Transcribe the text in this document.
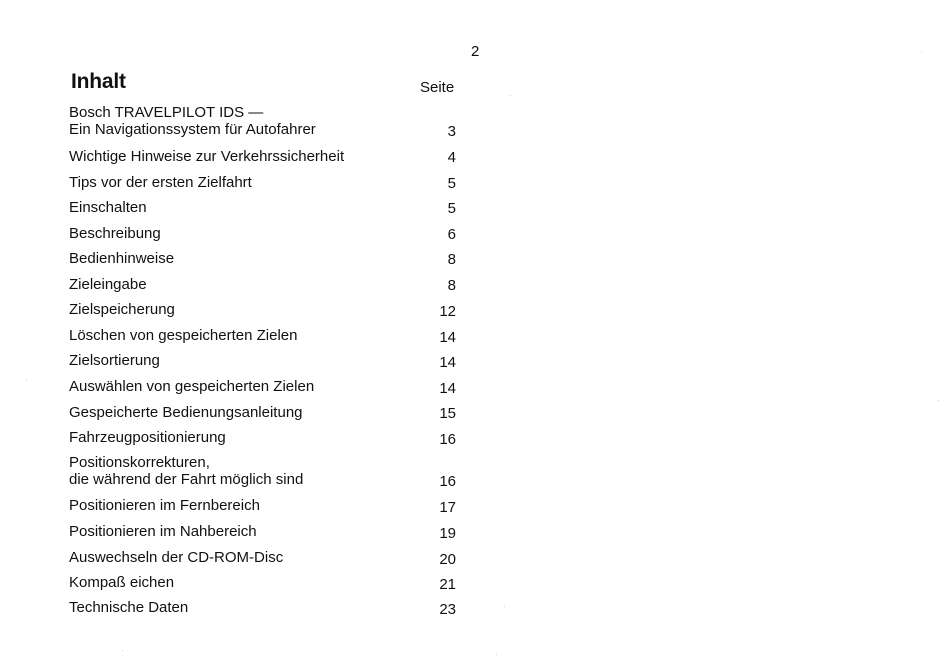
2
Inhalt	Seite
Bosch TRAVELPILOT IDS —
Ein Navigationssystem für Autofahrer	3
Wichtige Hinweise zur Verkehrssicherheit	4
Tips vor der ersten Zielfahrt	5
Einschalten	5
Beschreibung	6
Bedienhinweise	8
Zieleingabe	8
Zielspeicherung	12
Löschen von gespeicherten Zielen	14
Zielsortierung	14
Auswählen von gespeicherten Zielen	14
Gespeicherte Bedienungsanleitung	15
Fahrzeugpositionierung	16
Positionskorrekturen,
die während der Fahrt möglich sind	16
Positionieren im Fernbereich	17
Positionieren im Nahbereich	19
Auswechseln der CD-ROM-Disc	20
Kompaß eichen	21
Technische Daten	23
